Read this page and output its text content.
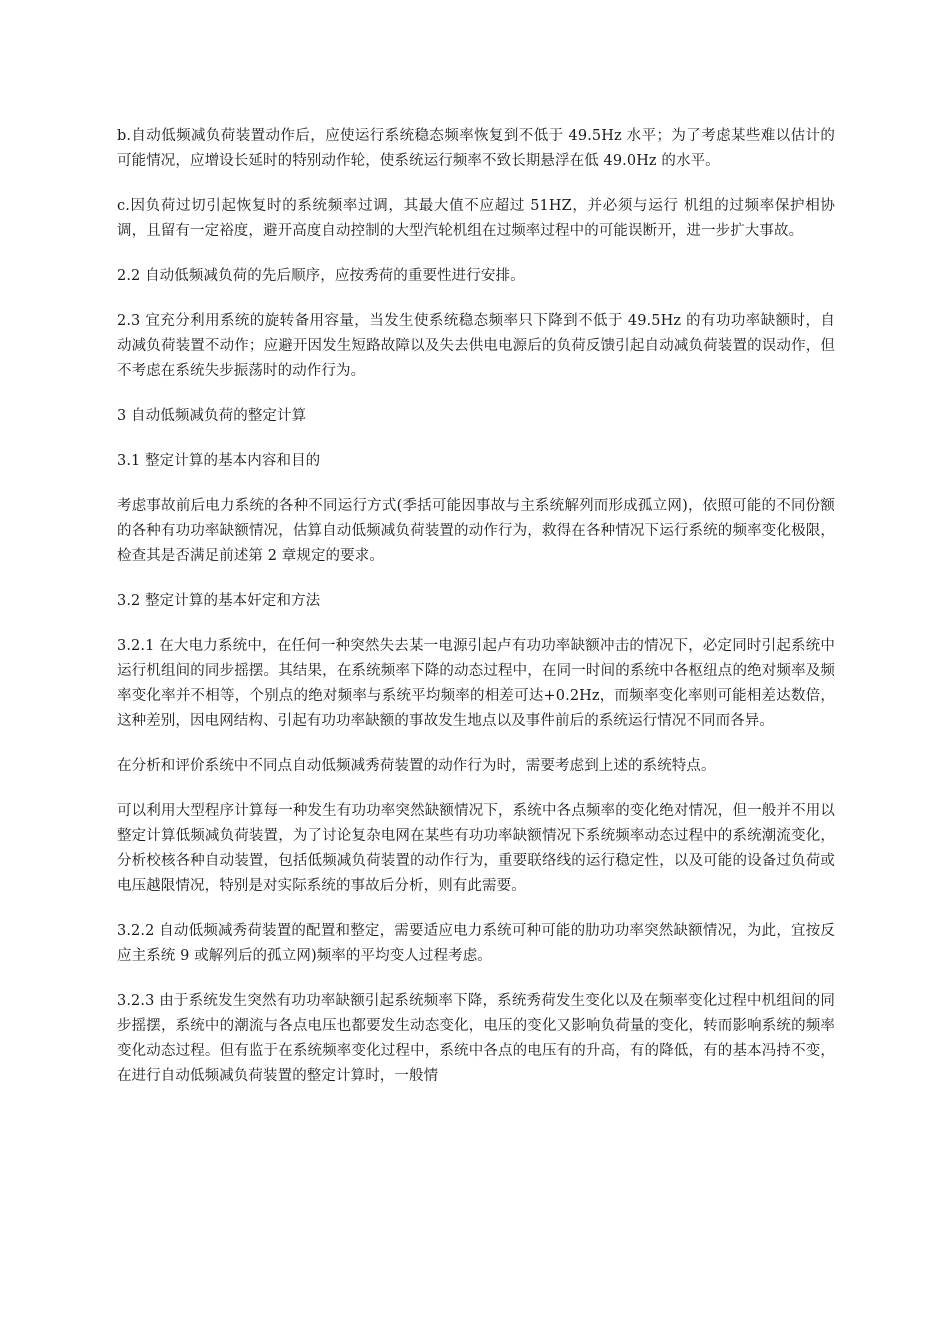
b.自动低频减负荷装置动作后，应使运行系统稳态频率恢复到不低于 49.5Hz 水平；为了考虑某些难以估计的可能情况，应增设长延时的特别动作轮，使系统运行频率不致长期悬浮在低 49.0Hz 的水平。

c.因负荷过切引起恢复时的系统频率过调，其最大值不应超过 51HZ，并必须与运行 机组的过频率保护相协调，且留有一定裕度，避开高度自动控制的大型汽轮机组在过频率过程中的可能误断开，进一步扩大事故。

2.2 自动低频减负荷的先后顺序，应按秀荷的重要性进行安排。

2.3 宜充分利用系统的旋转备用容量，当发生使系统稳态频率只下降到不低于 49.5Hz 的有功功率缺额时，自动减负荷装置不动作；应避开因发生短路故障以及失去供电电源后的负荷反馈引起自动减负荷装置的误动作，但不考虑在系统失步振荡时的动作行为。

3 自动低频减负荷的整定计算

3.1 整定计算的基本内容和目的

考虑事故前后电力系统的各种不同运行方式(季括可能因事故与主系统解列而形成孤立网)，依照可能的不同份额的各种有功功率缺额情况，估算自动低频减负荷装置的动作行为，救得在各种情况下运行系统的频率变化极限，检查其是否满足前述第 2 章规定的要求。

3.2 整定计算的基本奸定和方法

3.2.1 在大电力系统中，在任何一种突然失去某一电源引起卢有功功率缺额冲击的情况下，必定同时引起系统中运行机组间的同步摇摆。其结果，在系统频率下降的动态过程中，在同一时间的系统中各枢纽点的绝对频率及频率变化率并不相等，个别点的绝对频率与系统平均频率的相差可达+0.2Hz，而频率变化率则可能相差达数倍，这种差别，因电网结构、引起有功功率缺额的事故发生地点以及事件前后的系统运行情况不同而各异。

在分析和评价系统中不同点自动低频减秀荷装置的动作行为时，需要考虑到上述的系统特点。

可以利用大型程序计算每一种发生有功功率突然缺额情况下，系统中各点频率的变化绝对情况，但一般并不用以整定计算低频减负荷装置，为了讨论复杂电网在某些有功功率缺额情况下系统频率动态过程中的系统潮流变化，分析校核各种自动装置，包括低频减负荷装置的动作行为，重要联络线的运行稳定性，以及可能的设备过负荷或电压越限情况，特别是对实际系统的事故后分析，则有此需要。

3.2.2 自动低频减秀荷装置的配置和整定，需要适应电力系统可种可能的肋功功率突然缺额情况，为此，宜按反应主系统 9 或解列后的孤立网)频率的平均变人过程考虑。

3.2.3 由于系统发生突然有功功率缺额引起系统频率下降，系统秀荷发生变化以及在频率变化过程中机组间的同步摇摆，系统中的潮流与各点电压也都要发生动态变化，电压的变化又影响负荷量的变化，转而影响系统的频率变化动态过程。但有监于在系统频率变化过程中，系统中各点的电压有的升高，有的降低，有的基本冯持不变，在进行自动低频减负荷装置的整定计算时，一般情
